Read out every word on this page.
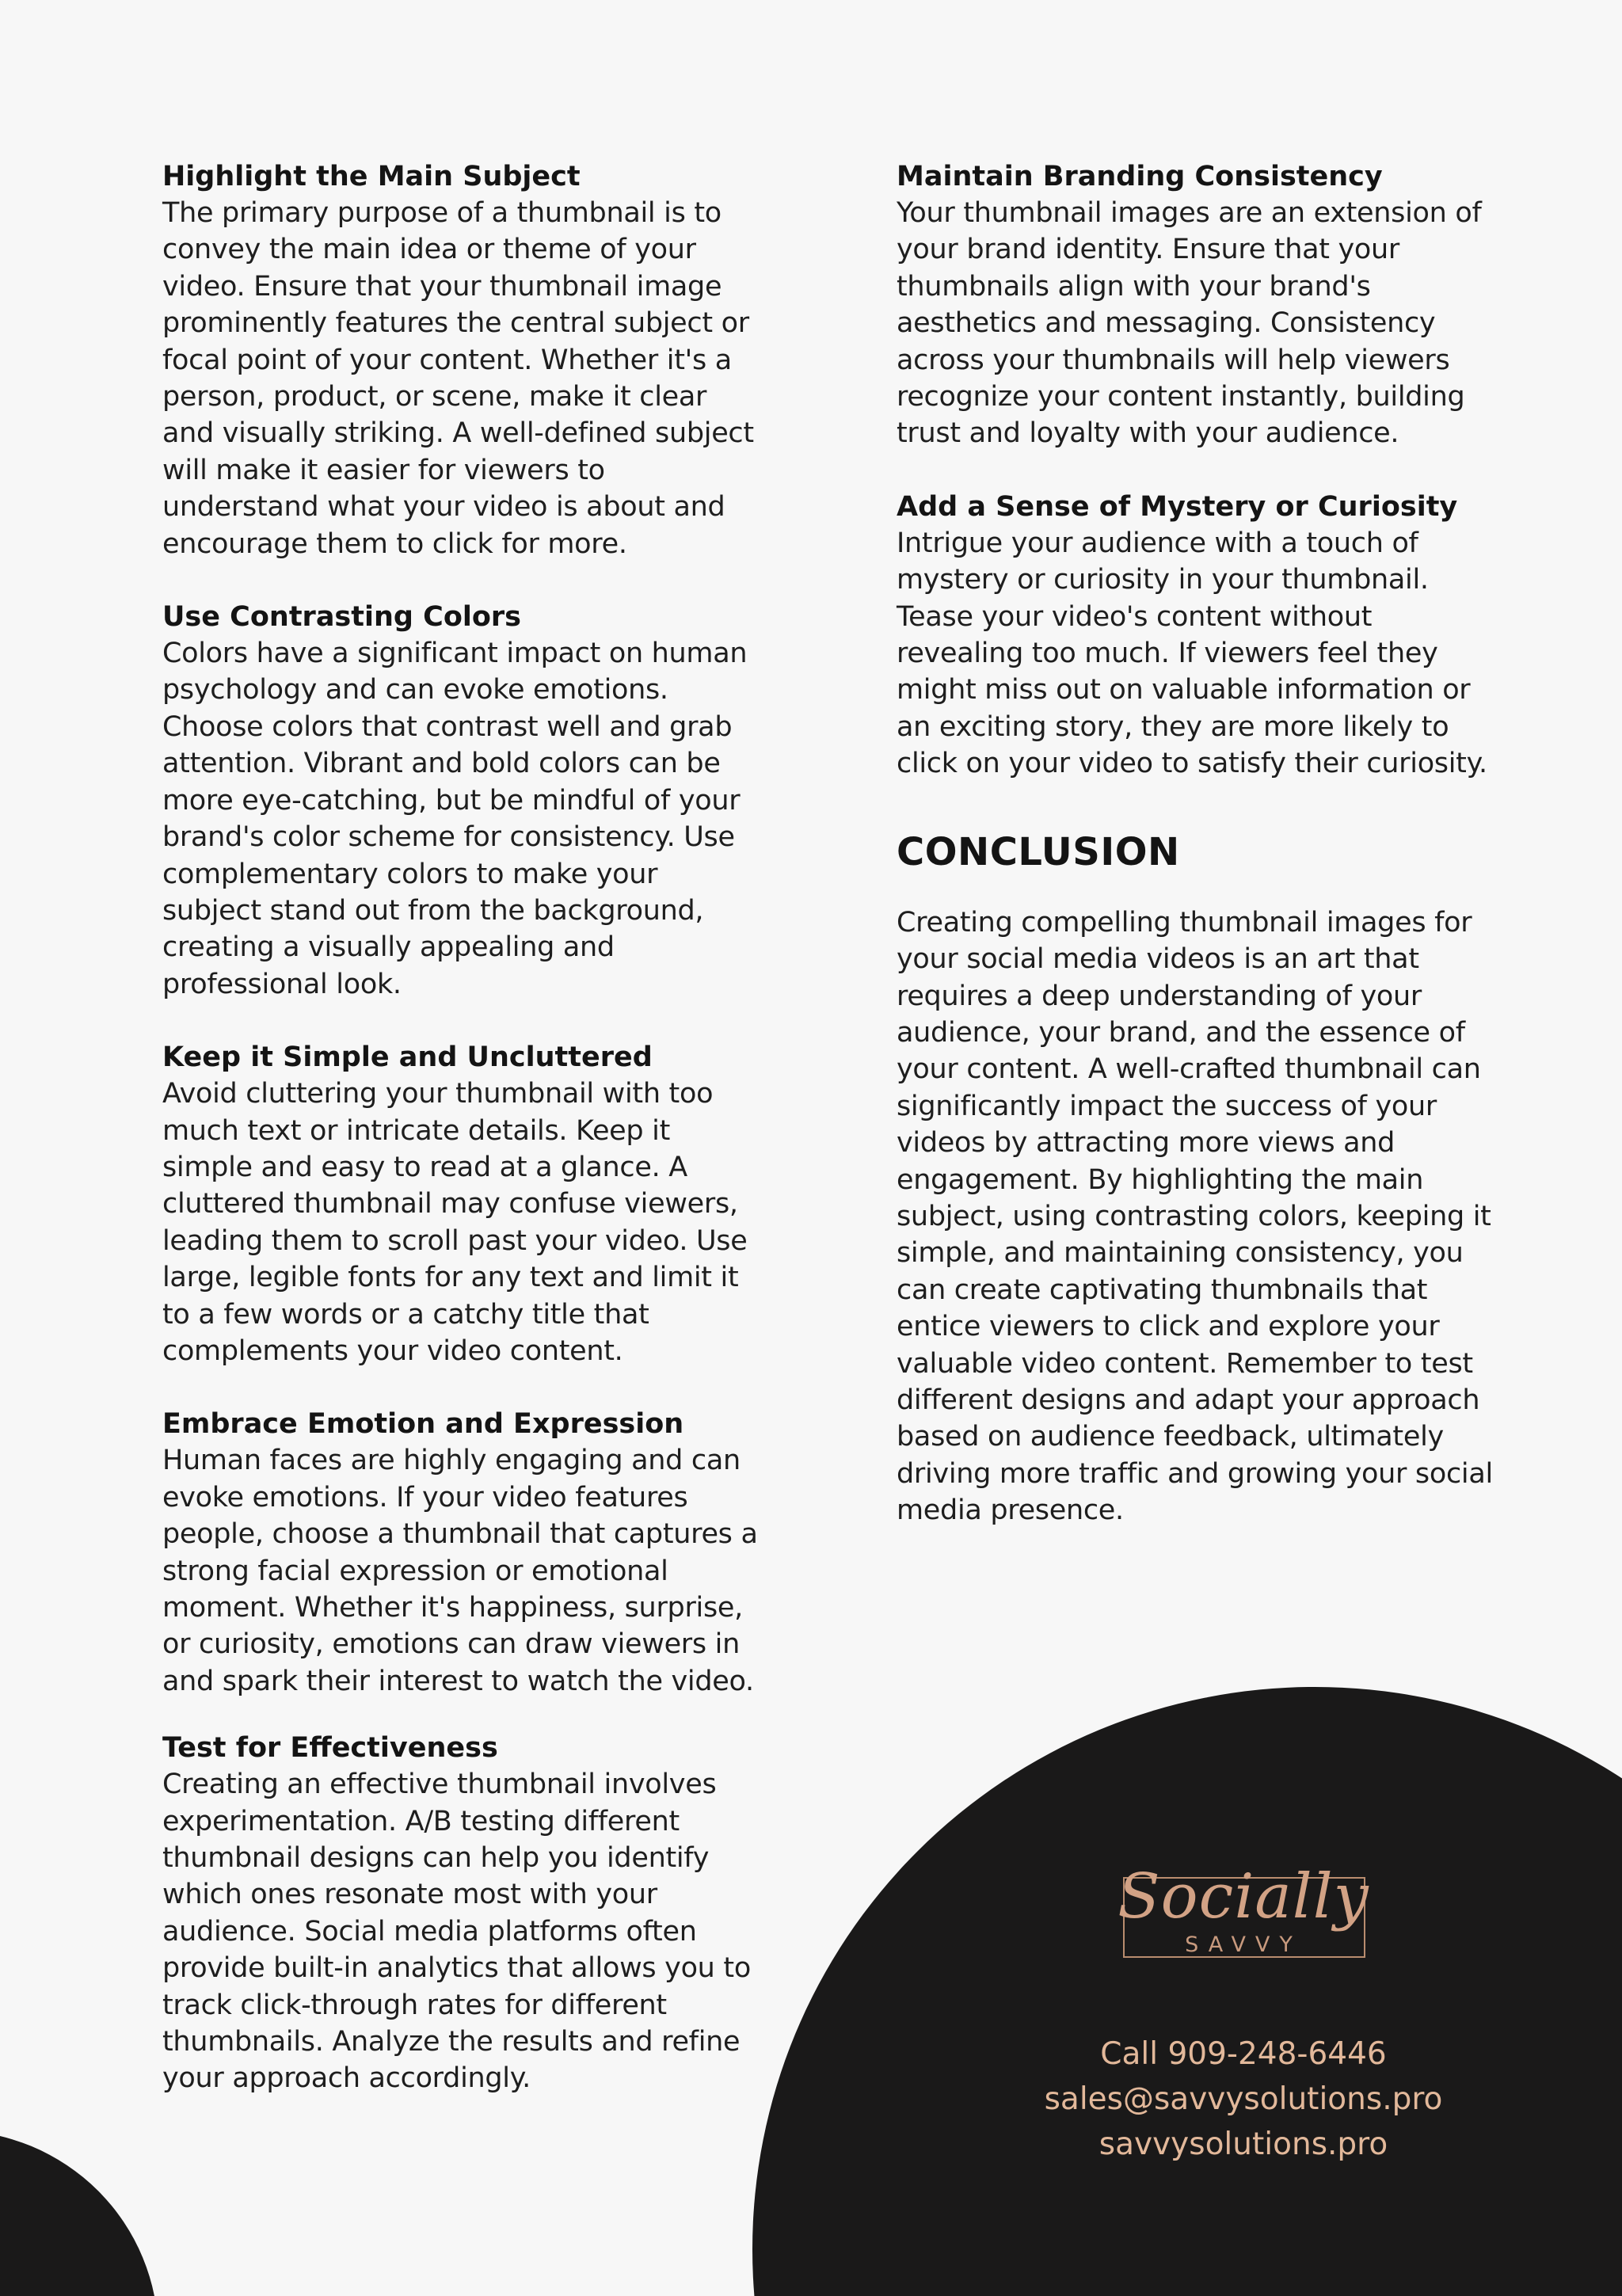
Highlight the Main Subject

The primary purpose of a thumbnail is to convey the main idea or theme of your video. Ensure that your thumbnail image prominently features the central subject or focal point of your content. Whether it's a person, product, or scene, make it clear and visually striking. A well-defined subject will make it easier for viewers to understand what your video is about and encourage them to click for more.

Use Contrasting Colors

Colors have a significant impact on human psychology and can evoke emotions. Choose colors that contrast well and grab attention. Vibrant and bold colors can be more eye-catching, but be mindful of your brand's color scheme for consistency. Use complementary colors to make your subject stand out from the background, creating a visually appealing and professional look.

Keep it Simple and Uncluttered

Avoid cluttering your thumbnail with too much text or intricate details. Keep it simple and easy to read at a glance. A cluttered thumbnail may confuse viewers, leading them to scroll past your video. Use large, legible fonts for any text and limit it to a few words or a catchy title that complements your video content.

Embrace Emotion and Expression

Human faces are highly engaging and can evoke emotions. If your video features people, choose a thumbnail that captures a strong facial expression or emotional moment. Whether it's happiness, surprise, or curiosity, emotions can draw viewers in and spark their interest to watch the video.

Test for Effectiveness

Creating an effective thumbnail involves experimentation. A/B testing different thumbnail designs can help you identify which ones resonate most with your audience. Social media platforms often provide built-in analytics that allows you to track click-through rates for different thumbnails. Analyze the results and refine your approach accordingly.

Maintain Branding Consistency

Your thumbnail images are an extension of your brand identity. Ensure that your thumbnails align with your brand's aesthetics and messaging. Consistency across your thumbnails will help viewers recognize your content instantly, building trust and loyalty with your audience.

Add a Sense of Mystery or Curiosity

Intrigue your audience with a touch of mystery or curiosity in your thumbnail. Tease your video's content without revealing too much. If viewers feel they might miss out on valuable information or an exciting story, they are more likely to click on your video to satisfy their curiosity.

CONCLUSION

Creating compelling thumbnail images for your social media videos is an art that requires a deep understanding of your audience, your brand, and the essence of your content. A well-crafted thumbnail can significantly impact the success of your videos by attracting more views and engagement. By highlighting the main subject, using contrasting colors, keeping it simple, and maintaining consistency, you can create captivating thumbnails that entice viewers to click and explore your valuable video content. Remember to test different designs and adapt your approach based on audience feedback, ultimately driving more traffic and growing your social media presence.

Socially
SAVVY
Call 909-248-6446
sales@savvysolutions.pro
savvysolutions.pro
